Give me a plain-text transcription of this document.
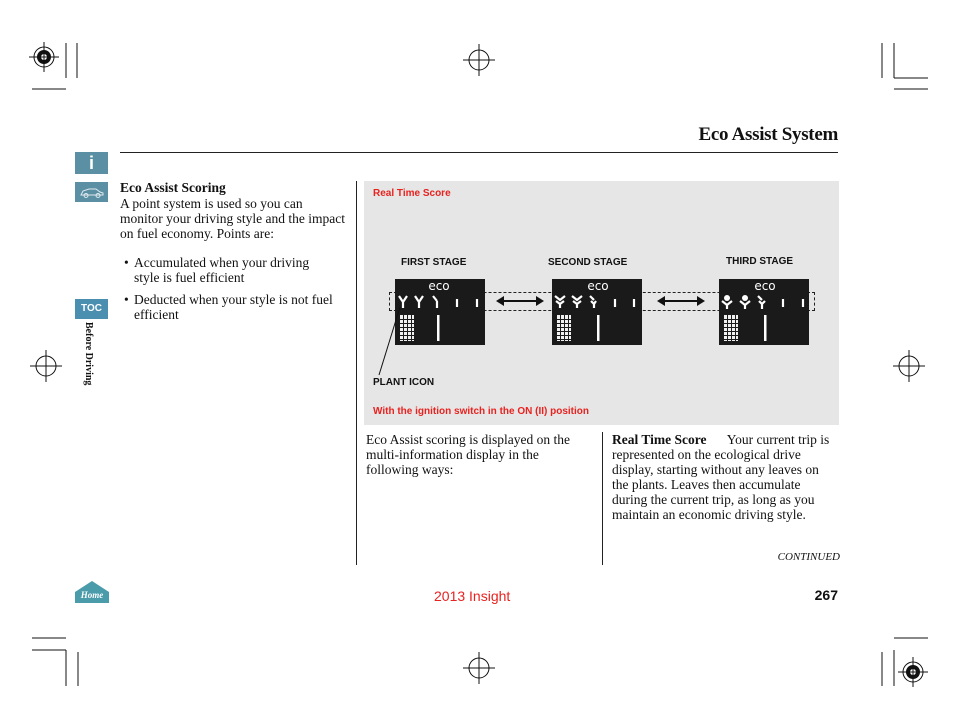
Eco Assist System
i
TOC
Before Driving
Home
Eco Assist Scoring
A point system is used so you can monitor your driving style and the impact on fuel economy. Points are:
• Accumulated when your driving style is fuel efficient
• Deducted when your style is not fuel efficient
Real Time Score
FIRST STAGE	SECOND STAGE	THIRD STAGE
eco	eco	eco
PLANT ICON
With the ignition switch in the ON (II) position
Eco Assist scoring is displayed on the multi-information display in the following ways:
Real Time Score Your current trip is represented on the ecological drive display, starting without any leaves on the plants. Leaves then accumulate during the current trip, as long as you maintain an economic driving style.
CONTINUED
2013 Insight	267
